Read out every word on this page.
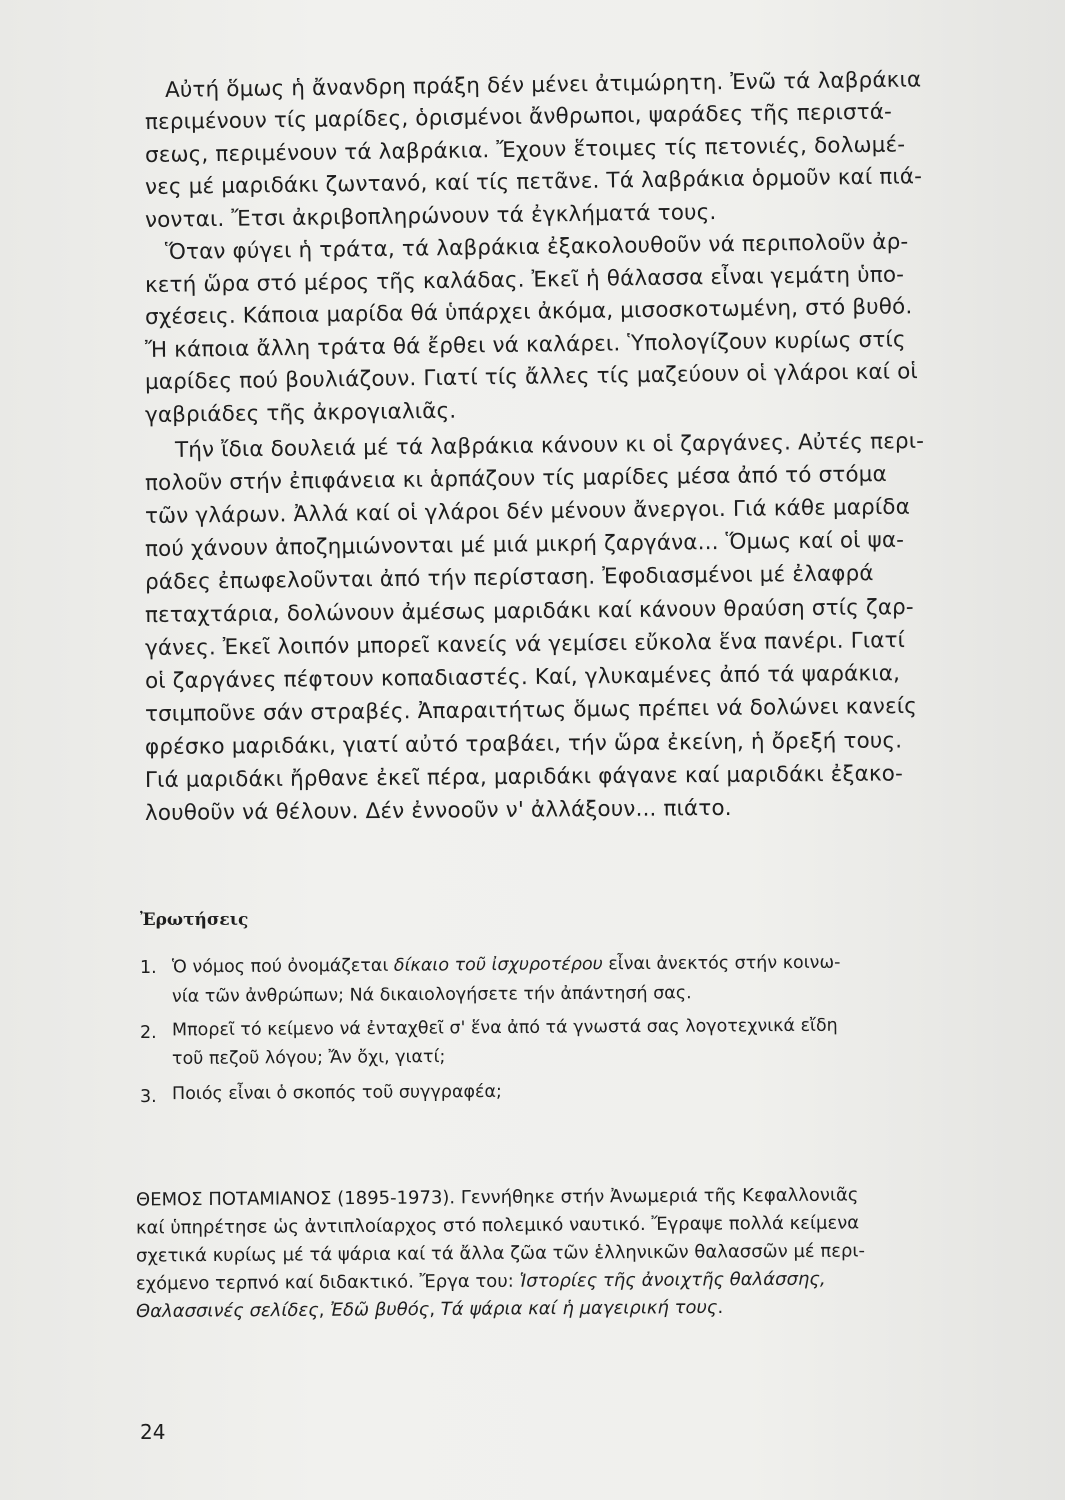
Αὐτή ὅμως ἡ ἄνανδρη πράξη δέν μένει ἀτιμώρητη. Ἐνῶ τά λαβράκια
περιμένουν τίς μαρίδες, ὁρισμένοι ἄνθρωποι, ψαράδες τῆς περιστά-
σεως, περιμένουν τά λαβράκια. Ἔχουν ἕτοιμες τίς πετονιές, δολωμέ-
νες μέ μαριδάκι ζωντανό, καί τίς πετᾶνε. Τά λαβράκια ὁρμοῦν καί πιά-
νονται. Ἔτσι ἀκριβοπληρώνουν τά ἐγκλήματά τους.
Ὅταν φύγει ἡ τράτα, τά λαβράκια ἐξακολουθοῦν νά περιπολοῦν ἀρ-
κετή ὥρα στό μέρος τῆς καλάδας. Ἐκεῖ ἡ θάλασσα εἶναι γεμάτη ὑπο-
σχέσεις. Κάποια μαρίδα θά ὑπάρχει ἀκόμα, μισοσκοτωμένη, στό βυθό.
Ἤ κάποια ἄλλη τράτα θά ἔρθει νά καλάρει. Ὑπολογίζουν κυρίως στίς
μαρίδες πού βουλιάζουν. Γιατί τίς ἄλλες τίς μαζεύουν οἱ γλάροι καί οἱ
γαβριάδες τῆς ἀκρογιαλιᾶς.
Τήν ἴδια δουλειά μέ τά λαβράκια κάνουν κι οἱ ζαργάνες. Αὐτές περι-
πολοῦν στήν ἐπιφάνεια κι ἁρπάζουν τίς μαρίδες μέσα ἀπό τό στόμα
τῶν γλάρων. Ἀλλά καί οἱ γλάροι δέν μένουν ἄνεργοι. Γιά κάθε μαρίδα
πού χάνουν ἀποζημιώνονται μέ μιά μικρή ζαργάνα... Ὅμως καί οἱ ψα-
ράδες ἐπωφελοῦνται ἀπό τήν περίσταση. Ἐφοδιασμένοι μέ ἐλαφρά
πεταχτάρια, δολώνουν ἀμέσως μαριδάκι καί κάνουν θραύση στίς ζαρ-
γάνες. Ἐκεῖ λοιπόν μπορεῖ κανείς νά γεμίσει εὔκολα ἕνα πανέρι. Γιατί
οἱ ζαργάνες πέφτουν κοπαδιαστές. Καί, γλυκαμένες ἀπό τά ψαράκια,
τσιμποῦνε σάν στραβές. Ἀπαραιτήτως ὅμως πρέπει νά δολώνει κανείς
φρέσκο μαριδάκι, γιατί αὐτό τραβάει, τήν ὥρα ἐκείνη, ἡ ὄρεξή τους.
Γιά μαριδάκι ἤρθανε ἐκεῖ πέρα, μαριδάκι φάγανε καί μαριδάκι ἐξακο-
λουθοῦν νά θέλουν. Δέν ἐννοοῦν ν' ἀλλάξουν... πιάτο.
Ἐρωτήσεις
1. Ὁ νόμος πού ὀνομάζεται δίκαιο τοῦ ἰσχυροτέρου εἶναι ἀνεκτός στήν κοινω-
νία τῶν ἀνθρώπων; Νά δικαιολογήσετε τήν ἀπάντησή σας.
2. Μπορεῖ τό κείμενο νά ἐνταχθεῖ σ' ἕνα ἀπό τά γνωστά σας λογοτεχνικά εἴδη
τοῦ πεζοῦ λόγου; Ἄν ὄχι, γιατί;
3. Ποιός εἶναι ὁ σκοπός τοῦ συγγραφέα;
ΘΕΜΟΣ ΠΟΤΑΜΙΑΝΟΣ (1895-1973). Γεννήθηκε στήν Ἀνωμεριά τῆς Κεφαλλονιᾶς
καί ὑπηρέτησε ὡς ἀντιπλοίαρχος στό πολεμικό ναυτικό. Ἔγραψε πολλά κείμενα
σχετικά κυρίως μέ τά ψάρια καί τά ἄλλα ζῶα τῶν ἑλληνικῶν θαλασσῶν μέ περι-
εχόμενο τερπνό καί διδακτικό. Ἔργα του: Ἱστορίες τῆς ἀνοιχτῆς θαλάσσης,
Θαλασσινές σελίδες, Ἐδῶ βυθός, Τά ψάρια καί ἡ μαγειρική τους.
24
